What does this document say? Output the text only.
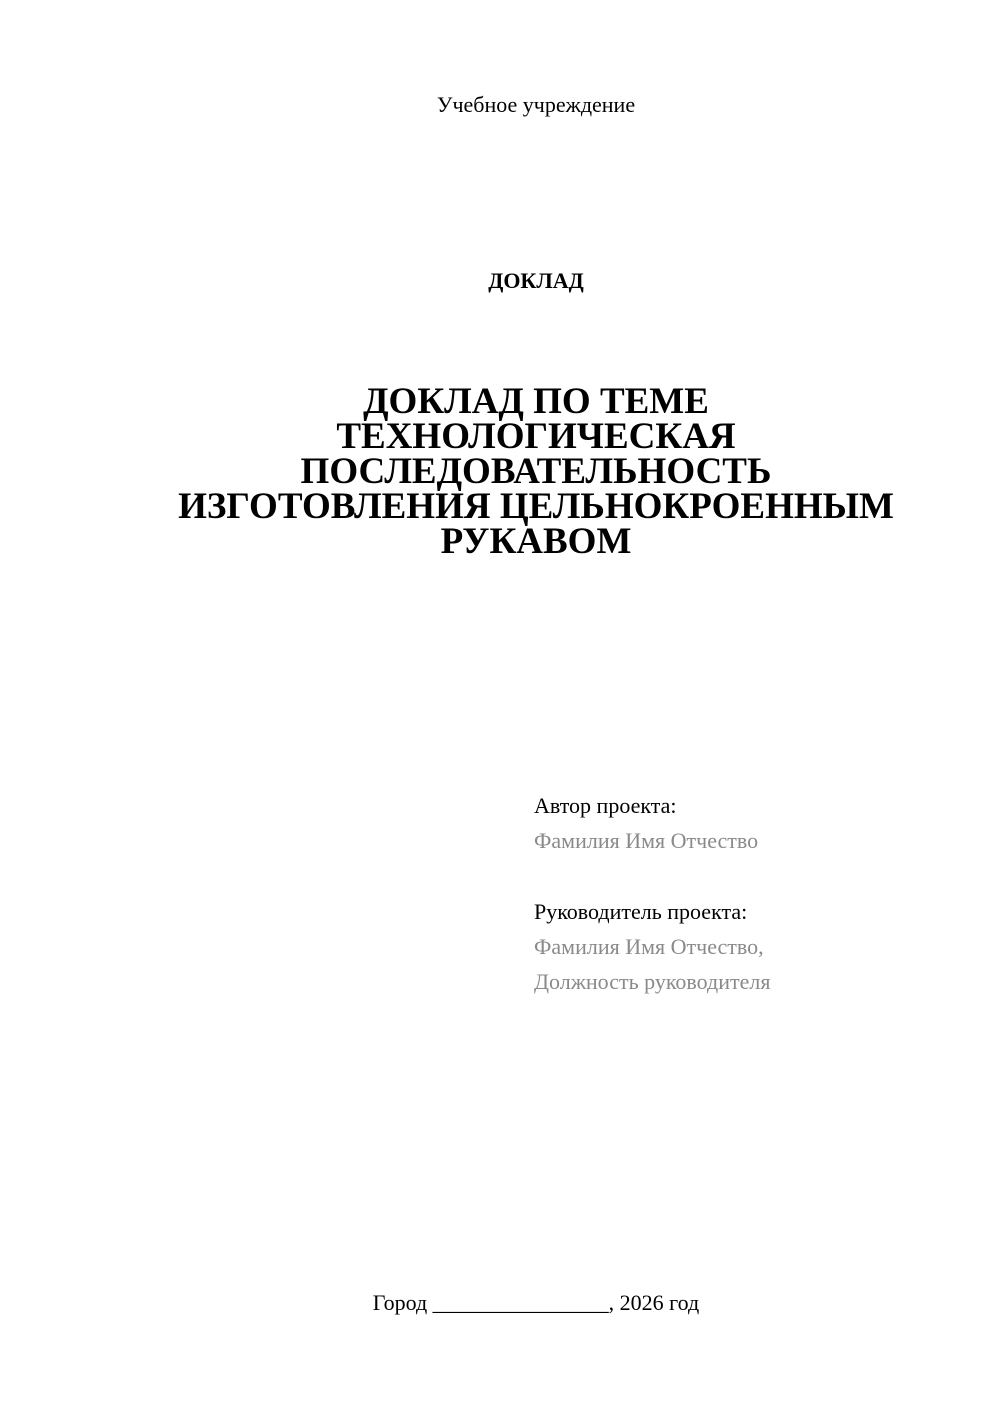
Учебное учреждение
ДОКЛАД
ДОКЛАД ПО ТЕМЕ
ТЕХНОЛОГИЧЕСКАЯ
ПОСЛЕДОВАТЕЛЬНОСТЬ
ИЗГОТОВЛЕНИЯ ЦЕЛЬНОКРОЕННЫМ
РУКАВОМ
Автор проекта:
Фамилия Имя Отчество
Руководитель проекта:
Фамилия Имя Отчество,
Должность руководителя
Город ________________, 2026 год
